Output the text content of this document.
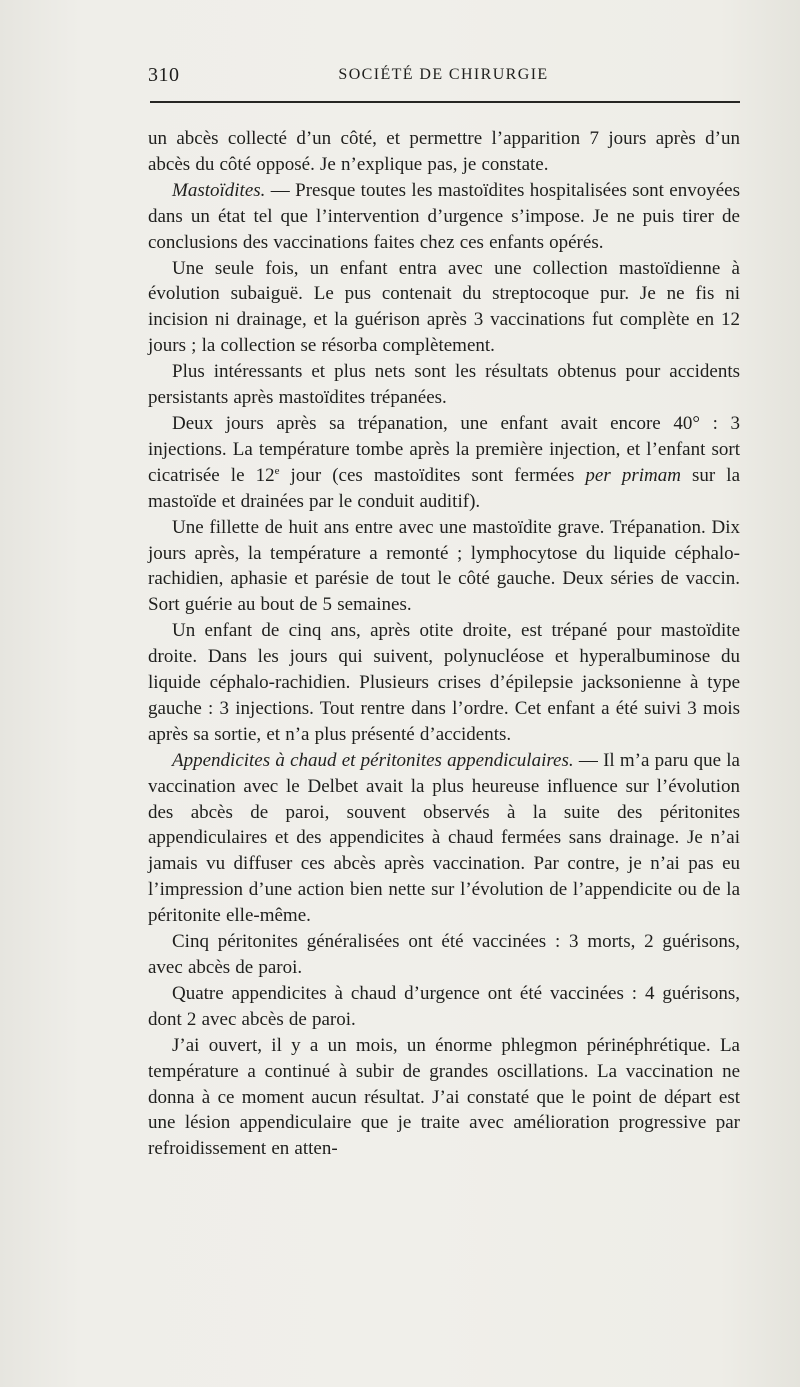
310	SOCIÉTÉ DE CHIRURGIE

un abcès collecté d’un côté, et permettre l’apparition 7 jours après d’un abcès du côté opposé. Je n’explique pas, je constate.

Mastoïdites. — Presque toutes les mastoïdites hospitalisées sont envoyées dans un état tel que l’intervention d’urgence s’impose. Je ne puis tirer de conclusions des vaccinations faites chez ces enfants opérés.

Une seule fois, un enfant entra avec une collection mastoïdienne à évolution subaiguë. Le pus contenait du streptocoque pur. Je ne fis ni incision ni drainage, et la guérison après 3 vaccinations fut complète en 12 jours ; la collection se résorba complètement.

Plus intéressants et plus nets sont les résultats obtenus pour accidents persistants après mastoïdites trépanées.

Deux jours après sa trépanation, une enfant avait encore 40° : 3 injections. La température tombe après la première injection, et l’enfant sort cicatrisée le 12e jour (ces mastoïdites sont fermées per primam sur la mastoïde et drainées par le conduit auditif).

Une fillette de huit ans entre avec une mastoïdite grave. Trépanation. Dix jours après, la température a remonté ; lymphocytose du liquide céphalo-rachidien, aphasie et parésie de tout le côté gauche. Deux séries de vaccin. Sort guérie au bout de 5 semaines.

Un enfant de cinq ans, après otite droite, est trépané pour mastoïdite droite. Dans les jours qui suivent, polynucléose et hyperalbuminose du liquide céphalo-rachidien. Plusieurs crises d’épilepsie jacksonienne à type gauche : 3 injections. Tout rentre dans l’ordre. Cet enfant a été suivi 3 mois après sa sortie, et n’a plus présenté d’accidents.

Appendicites à chaud et péritonites appendiculaires. — Il m’a paru que la vaccination avec le Delbet avait la plus heureuse influence sur l’évolution des abcès de paroi, souvent observés à la suite des péritonites appendiculaires et des appendicites à chaud fermées sans drainage. Je n’ai jamais vu diffuser ces abcès après vaccination. Par contre, je n’ai pas eu l’impression d’une action bien nette sur l’évolution de l’appendicite ou de la péritonite elle-même.

Cinq péritonites généralisées ont été vaccinées : 3 morts, 2 guérisons, avec abcès de paroi.

Quatre appendicites à chaud d’urgence ont été vaccinées : 4 guérisons, dont 2 avec abcès de paroi.

J’ai ouvert, il y a un mois, un énorme phlegmon périnéphrétique. La température a continué à subir de grandes oscillations. La vaccination ne donna à ce moment aucun résultat. J’ai constaté que le point de départ est une lésion appendiculaire que je traite avec amélioration progressive par refroidissement en atten-
